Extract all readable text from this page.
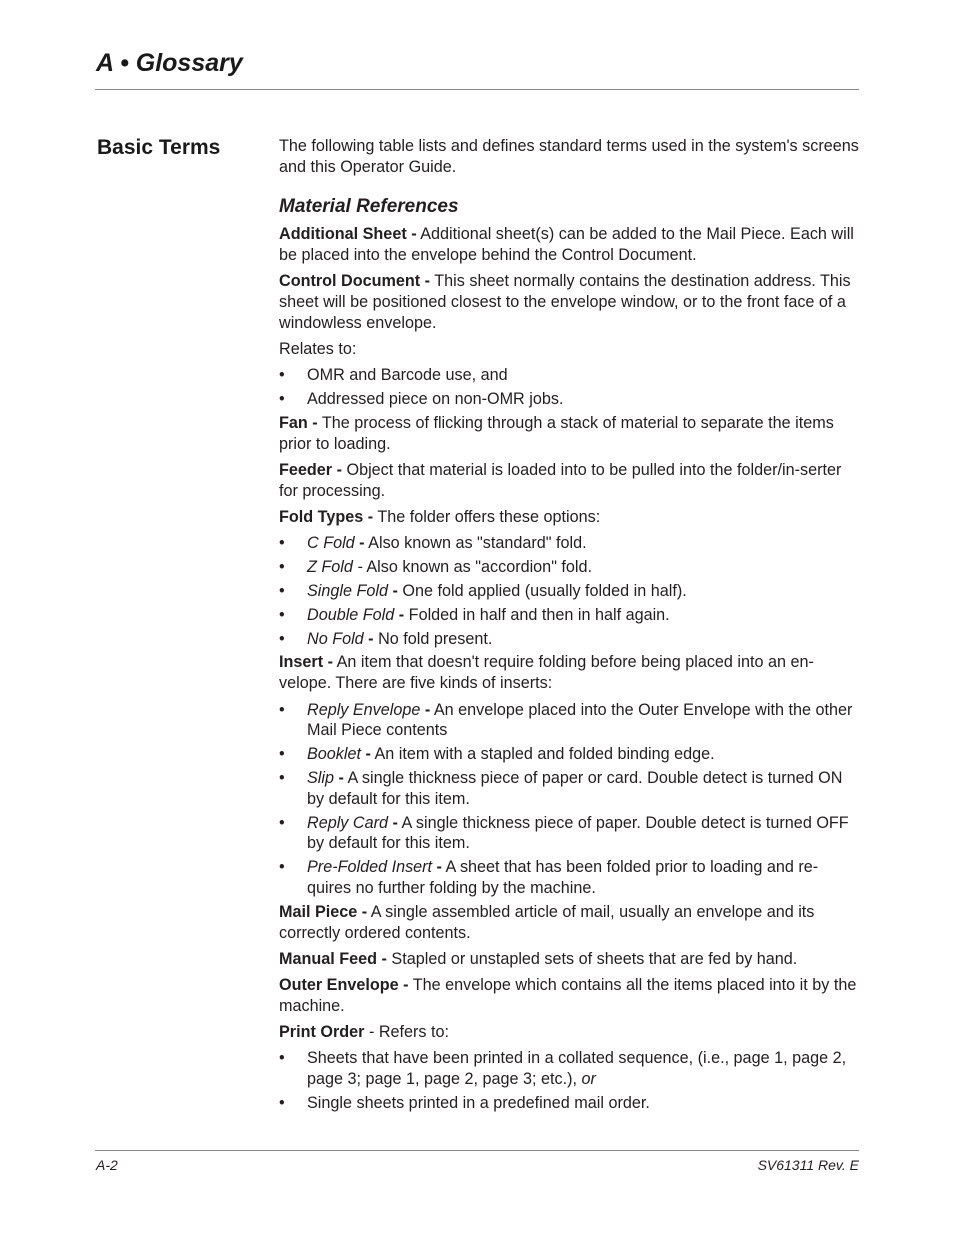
A • Glossary
Basic Terms	The following table lists and defines standard terms used in the system's screens and this Operator Guide.

Material References

Additional Sheet - Additional sheet(s) can be added to the Mail Piece. Each will be placed into the envelope behind the Control Document.

Control Document - This sheet normally contains the destination address. This sheet will be positioned closest to the envelope window, or to the front face of a windowless envelope.

Relates to:

• OMR and Barcode use, and
• Addressed piece on non-OMR jobs.

Fan - The process of flicking through a stack of material to separate the items prior to loading.

Feeder - Object that material is loaded into to be pulled into the folder/in-serter for processing.

Fold Types - The folder offers these options:

• C Fold - Also known as "standard" fold.
• Z Fold - Also known as "accordion" fold.
• Single Fold - One fold applied (usually folded in half).
• Double Fold - Folded in half and then in half again.
• No Fold - No fold present.

Insert - An item that doesn't require folding before being placed into an en-velope. There are five kinds of inserts:

• Reply Envelope - An envelope placed into the Outer Envelope with the other Mail Piece contents
• Booklet - An item with a stapled and folded binding edge.
• Slip - A single thickness piece of paper or card. Double detect is turned ON by default for this item.
• Reply Card - A single thickness piece of paper. Double detect is turned OFF by default for this item.
• Pre-Folded Insert - A sheet that has been folded prior to loading and re-quires no further folding by the machine.

Mail Piece - A single assembled article of mail, usually an envelope and its correctly ordered contents.

Manual Feed - Stapled or unstapled sets of sheets that are fed by hand.

Outer Envelope - The envelope which contains all the items placed into it by the machine.

Print Order - Refers to:

• Sheets that have been printed in a collated sequence, (i.e., page 1, page 2, page 3; page 1, page 2, page 3; etc.), or
• Single sheets printed in a predefined mail order.
A-2	SV61311 Rev. E
